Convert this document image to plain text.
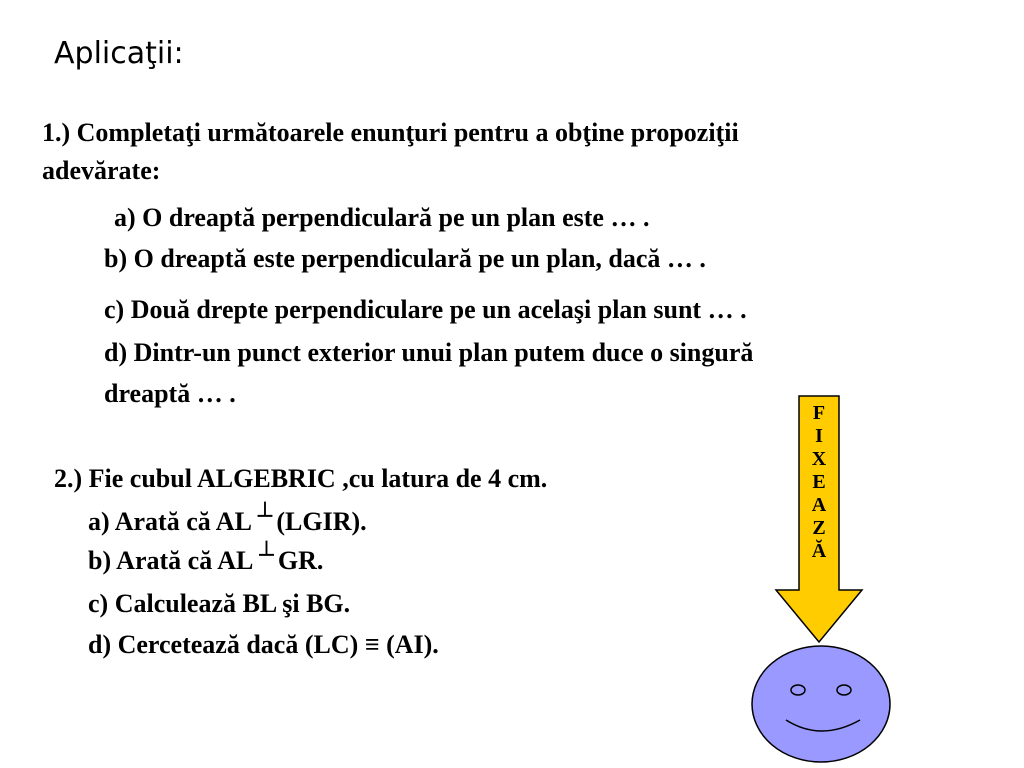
Aplicaţii:
1.) Completaţi următoarele enunţuri pentru a obţine propoziţii
adevărate:
a) O dreaptă perpendiculară pe un plan este … .
b) O dreaptă este perpendiculară pe un plan, dacă … .
c) Două drepte perpendiculare pe un acelaşi plan sunt … .
d) Dintr-un punct exterior unui plan putem duce o singură
dreaptă … .
2.) Fie cubul ALGEBRIC ,cu latura de 4 cm.
a) Arată că AL ┴ (LGIR).
b) Arată că AL ┴ GR.
c) Calculează BL şi BG.
d) Cercetează dacă (LC) ≡ (AI).
F
I
X
E
A
Z
Ă
